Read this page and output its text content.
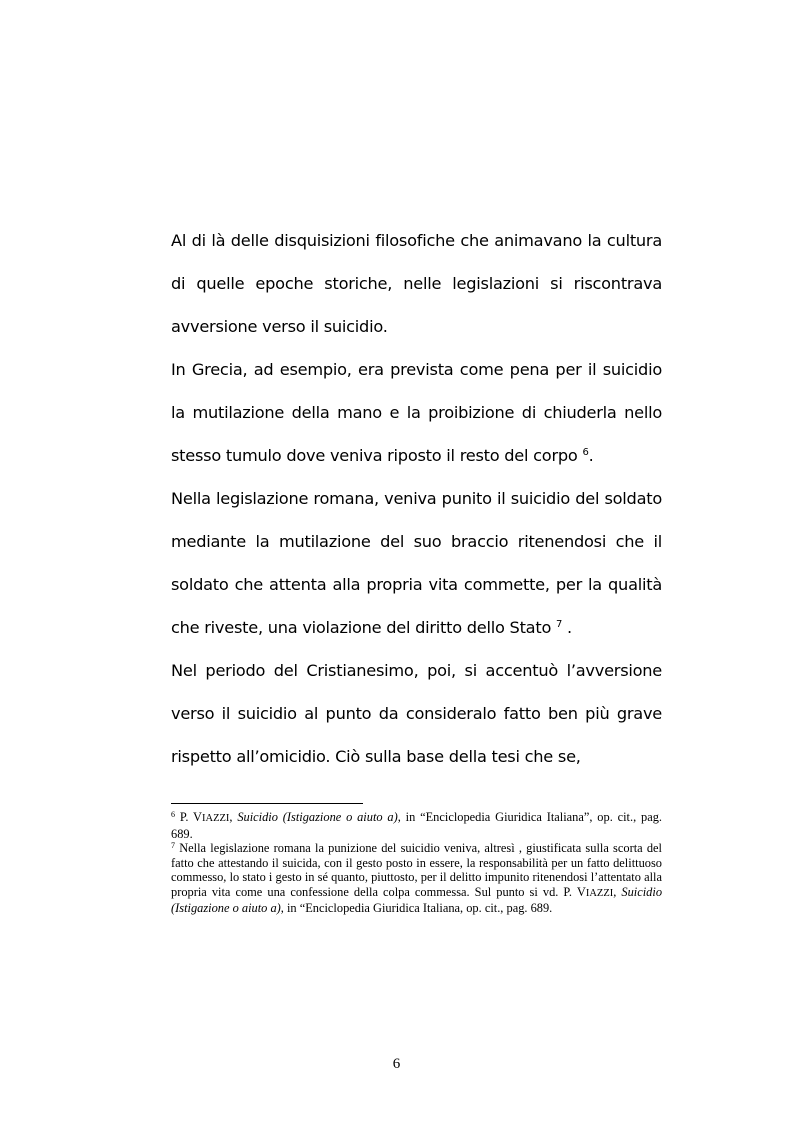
Al di là delle disquisizioni filosofiche che animavano la cultura di quelle epoche storiche, nelle legislazioni si riscontrava avversione verso il suicidio.

In Grecia, ad esempio, era prevista come pena per il suicidio la mutilazione della mano e la proibizione di chiuderla nello stesso tumulo dove veniva riposto il resto del corpo $^6$.

Nella legislazione romana, veniva punito il suicidio del soldato mediante la mutilazione del suo braccio ritenendosi che il soldato che attenta alla propria vita commette, per la qualità che riveste, una violazione del diritto dello Stato $^7$ .

Nel periodo del Cristianesimo, poi, si accentuò l’avversione verso il suicidio al punto da consideralo fatto ben più grave rispetto all’omicidio. Ciò sulla base della tesi che se,

$^6$ P. VIAZZI, Suicidio (Istigazione o aiuto a), in “Enciclopedia Giuridica Italiana”, op. cit., pag. 689.

$^7$ Nella legislazione romana la punizione del suicidio veniva, altresì , giustificata sulla scorta del fatto che attestando il suicida, con il gesto posto in essere, la responsabilità per un fatto delittuoso commesso, lo stato i gesto in sé quanto, piuttosto, per il delitto impunito ritenendosi l’attentato alla propria vita come una confessione della colpa commessa. Sul punto si vd. P. VIAZZI, Suicidio (Istigazione o aiuto a), in “Enciclopedia Giuridica Italiana, op. cit., pag. 689.

6
